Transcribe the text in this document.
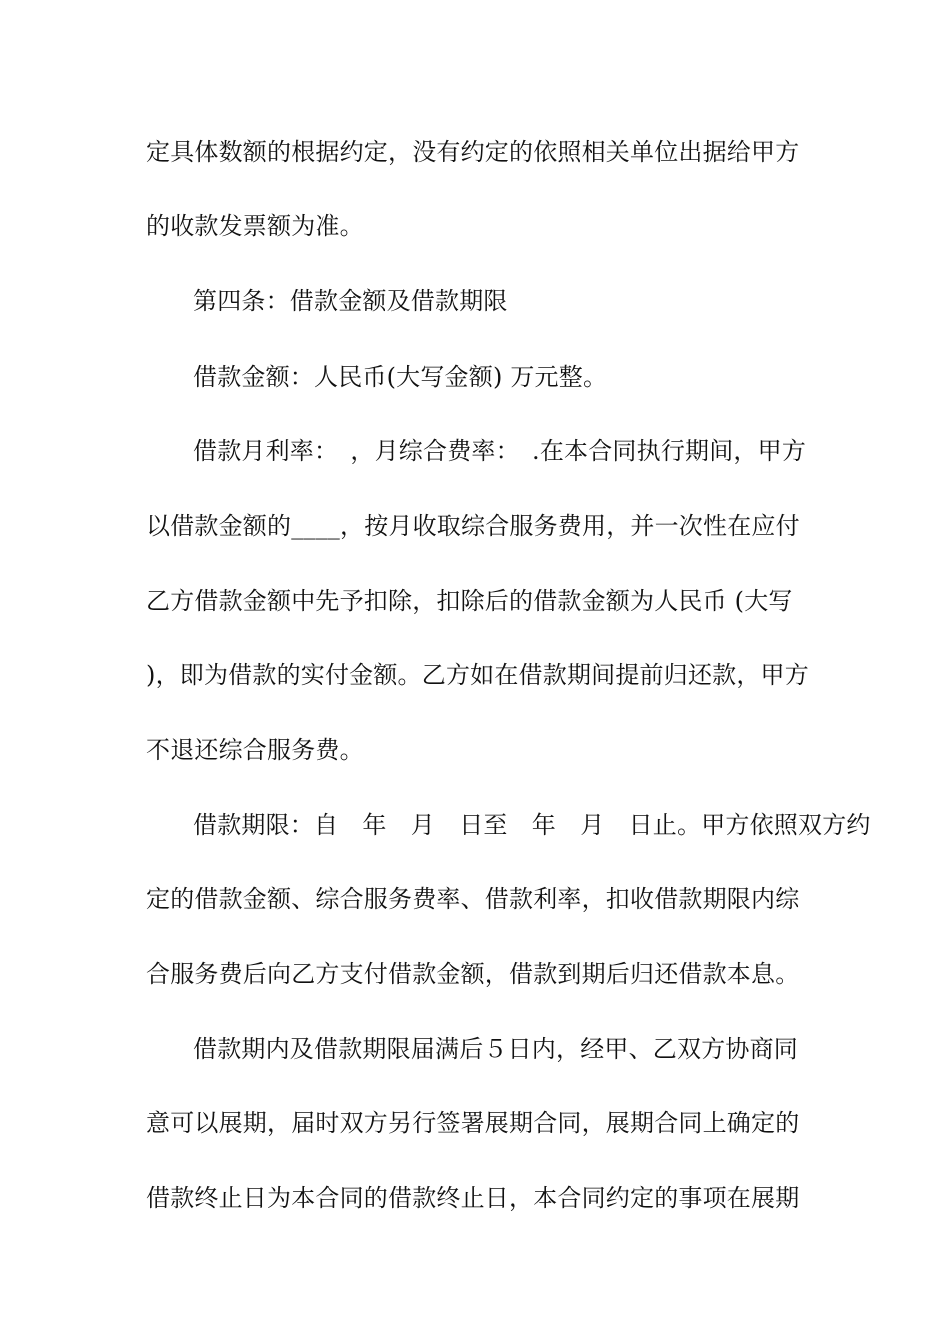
定具体数额的根据约定，没有约定的依照相关单位出据给甲方
的收款发票额为准。
第四条：借款金额及借款期限
借款金额：人民币(大写金额) 万元整。
借款月利率：　，月综合费率：　.在本合同执行期间，甲方
以借款金额的____，按月收取综合服务费用，并一次性在应付
乙方借款金额中先予扣除，扣除后的借款金额为人民币 (大写
)，即为借款的实付金额。乙方如在借款期间提前归还款，甲方
不退还综合服务费。
借款期限：自　年　月　日至　年　月　日止。甲方依照双方约
定的借款金额、综合服务费率、借款利率，扣收借款期限内综
合服务费后向乙方支付借款金额，借款到期后归还借款本息。
借款期内及借款期限届满后５日内，经甲、乙双方协商同
意可以展期，届时双方另行签署展期合同，展期合同上确定的
借款终止日为本合同的借款终止日，本合同约定的事项在展期
